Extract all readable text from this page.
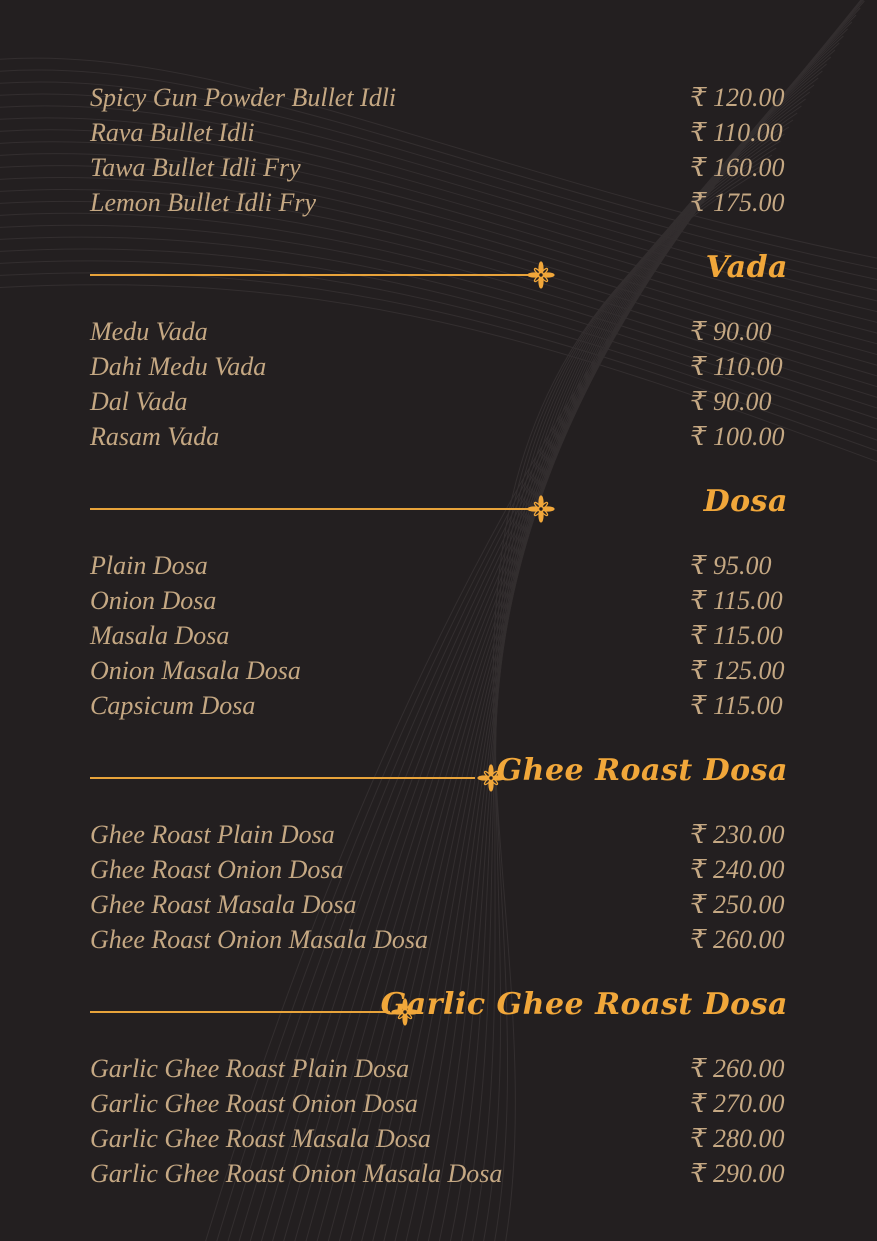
Spicy Gun Powder Bullet Idli	₹ 120.00
Rava Bullet Idli	₹ 110.00
Tawa Bullet Idli Fry	₹ 160.00
Lemon Bullet Idli Fry	₹ 175.00
Vada
Medu Vada	₹ 90.00
Dahi Medu Vada	₹ 110.00
Dal Vada	₹ 90.00
Rasam Vada	₹ 100.00
Dosa
Plain Dosa	₹ 95.00
Onion Dosa	₹ 115.00
Masala Dosa	₹ 115.00
Onion Masala Dosa	₹ 125.00
Capsicum Dosa	₹ 115.00
Ghee Roast Dosa
Ghee Roast Plain Dosa	₹ 230.00
Ghee Roast Onion Dosa	₹ 240.00
Ghee Roast Masala Dosa	₹ 250.00
Ghee Roast Onion Masala Dosa	₹ 260.00
Garlic Ghee Roast Dosa
Garlic Ghee Roast Plain Dosa	₹ 260.00
Garlic Ghee Roast Onion Dosa	₹ 270.00
Garlic Ghee Roast Masala Dosa	₹ 280.00
Garlic Ghee Roast Onion Masala Dosa	₹ 290.00
